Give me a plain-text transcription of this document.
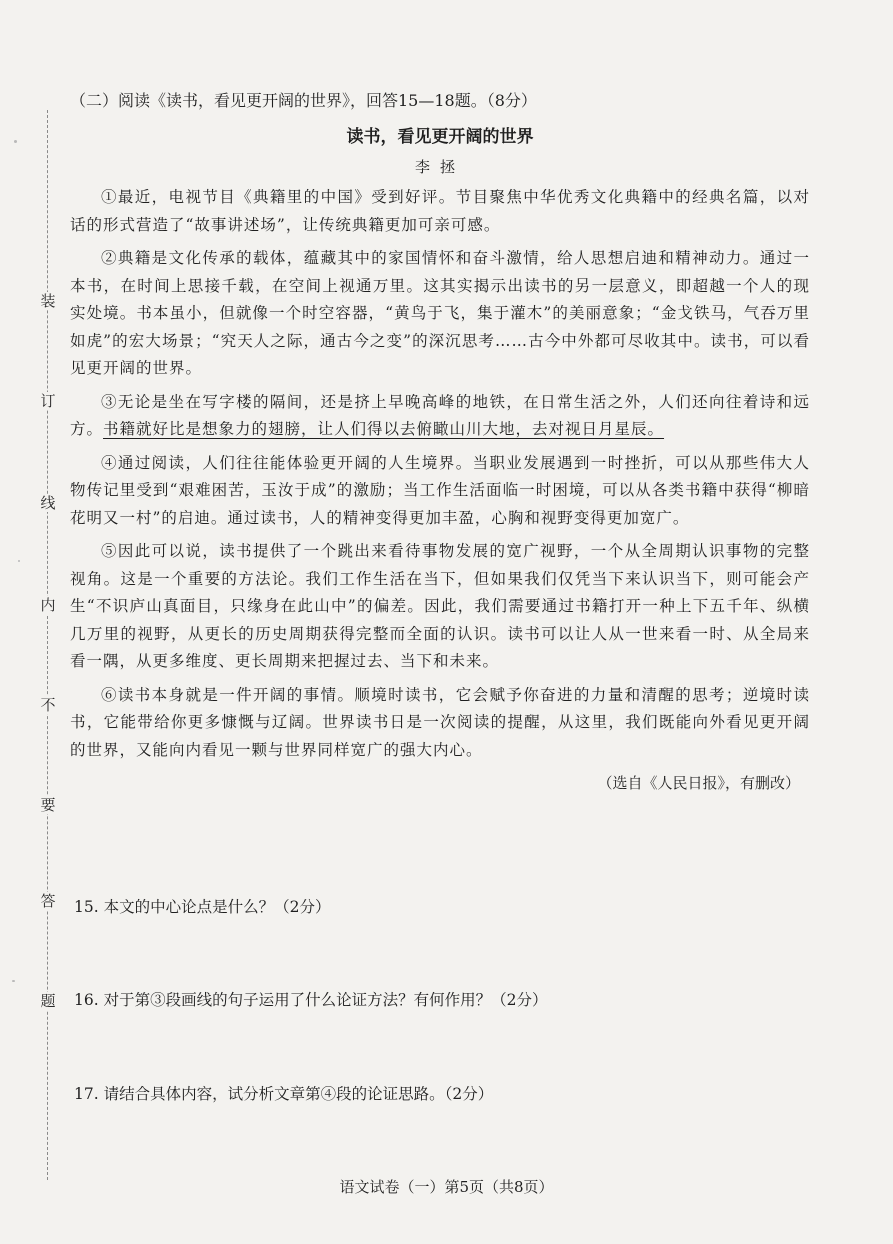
装
订
线
内
不
要
答
题

（二）阅读《读书，看见更开阔的世界》，回答15—18题。（8分）

读书，看见更开阔的世界
李拯

①最近，电视节目《典籍里的中国》受到好评。节目聚焦中华优秀文化典籍中的经典名篇，以对话的形式营造了“故事讲述场”，让传统典籍更加可亲可感。

②典籍是文化传承的载体，蕴藏其中的家国情怀和奋斗激情，给人思想启迪和精神动力。通过一本书，在时间上思接千载，在空间上视通万里。这其实揭示出读书的另一层意义，即超越一个人的现实处境。书本虽小，但就像一个时空容器，“黄鸟于飞，集于灌木”的美丽意象；“金戈铁马，气吞万里如虎”的宏大场景；“究天人之际，通古今之变”的深沉思考……古今中外都可尽收其中。读书，可以看见更开阔的世界。

③无论是坐在写字楼的隔间，还是挤上早晚高峰的地铁，在日常生活之外，人们还向往着诗和远方。书籍就好比是想象力的翅膀，让人们得以去俯瞰山川大地，去对视日月星辰。

④通过阅读，人们往往能体验更开阔的人生境界。当职业发展遇到一时挫折，可以从那些伟大人物传记里受到“艰难困苦，玉汝于成”的激励；当工作生活面临一时困境，可以从各类书籍中获得“柳暗花明又一村”的启迪。通过读书，人的精神变得更加丰盈，心胸和视野变得更加宽广。

⑤因此可以说，读书提供了一个跳出来看待事物发展的宽广视野，一个从全周期认识事物的完整视角。这是一个重要的方法论。我们工作生活在当下，但如果我们仅凭当下来认识当下，则可能会产生“不识庐山真面目，只缘身在此山中”的偏差。因此，我们需要通过书籍打开一种上下五千年、纵横几万里的视野，从更长的历史周期获得完整而全面的认识。读书可以让人从一世来看一时、从全局来看一隅，从更多维度、更长周期来把握过去、当下和未来。

⑥读书本身就是一件开阔的事情。顺境时读书，它会赋予你奋进的力量和清醒的思考；逆境时读书，它能带给你更多慷慨与辽阔。世界读书日是一次阅读的提醒，从这里，我们既能向外看见更开阔的世界，又能向内看见一颗与世界同样宽广的强大内心。

（选自《人民日报》，有删改）

15. 本文的中心论点是什么？（2分）

16. 对于第③段画线的句子运用了什么论证方法？有何作用？（2分）

17. 请结合具体内容，试分析文章第④段的论证思路。（2分）

语文试卷（一）第5页（共8页）
